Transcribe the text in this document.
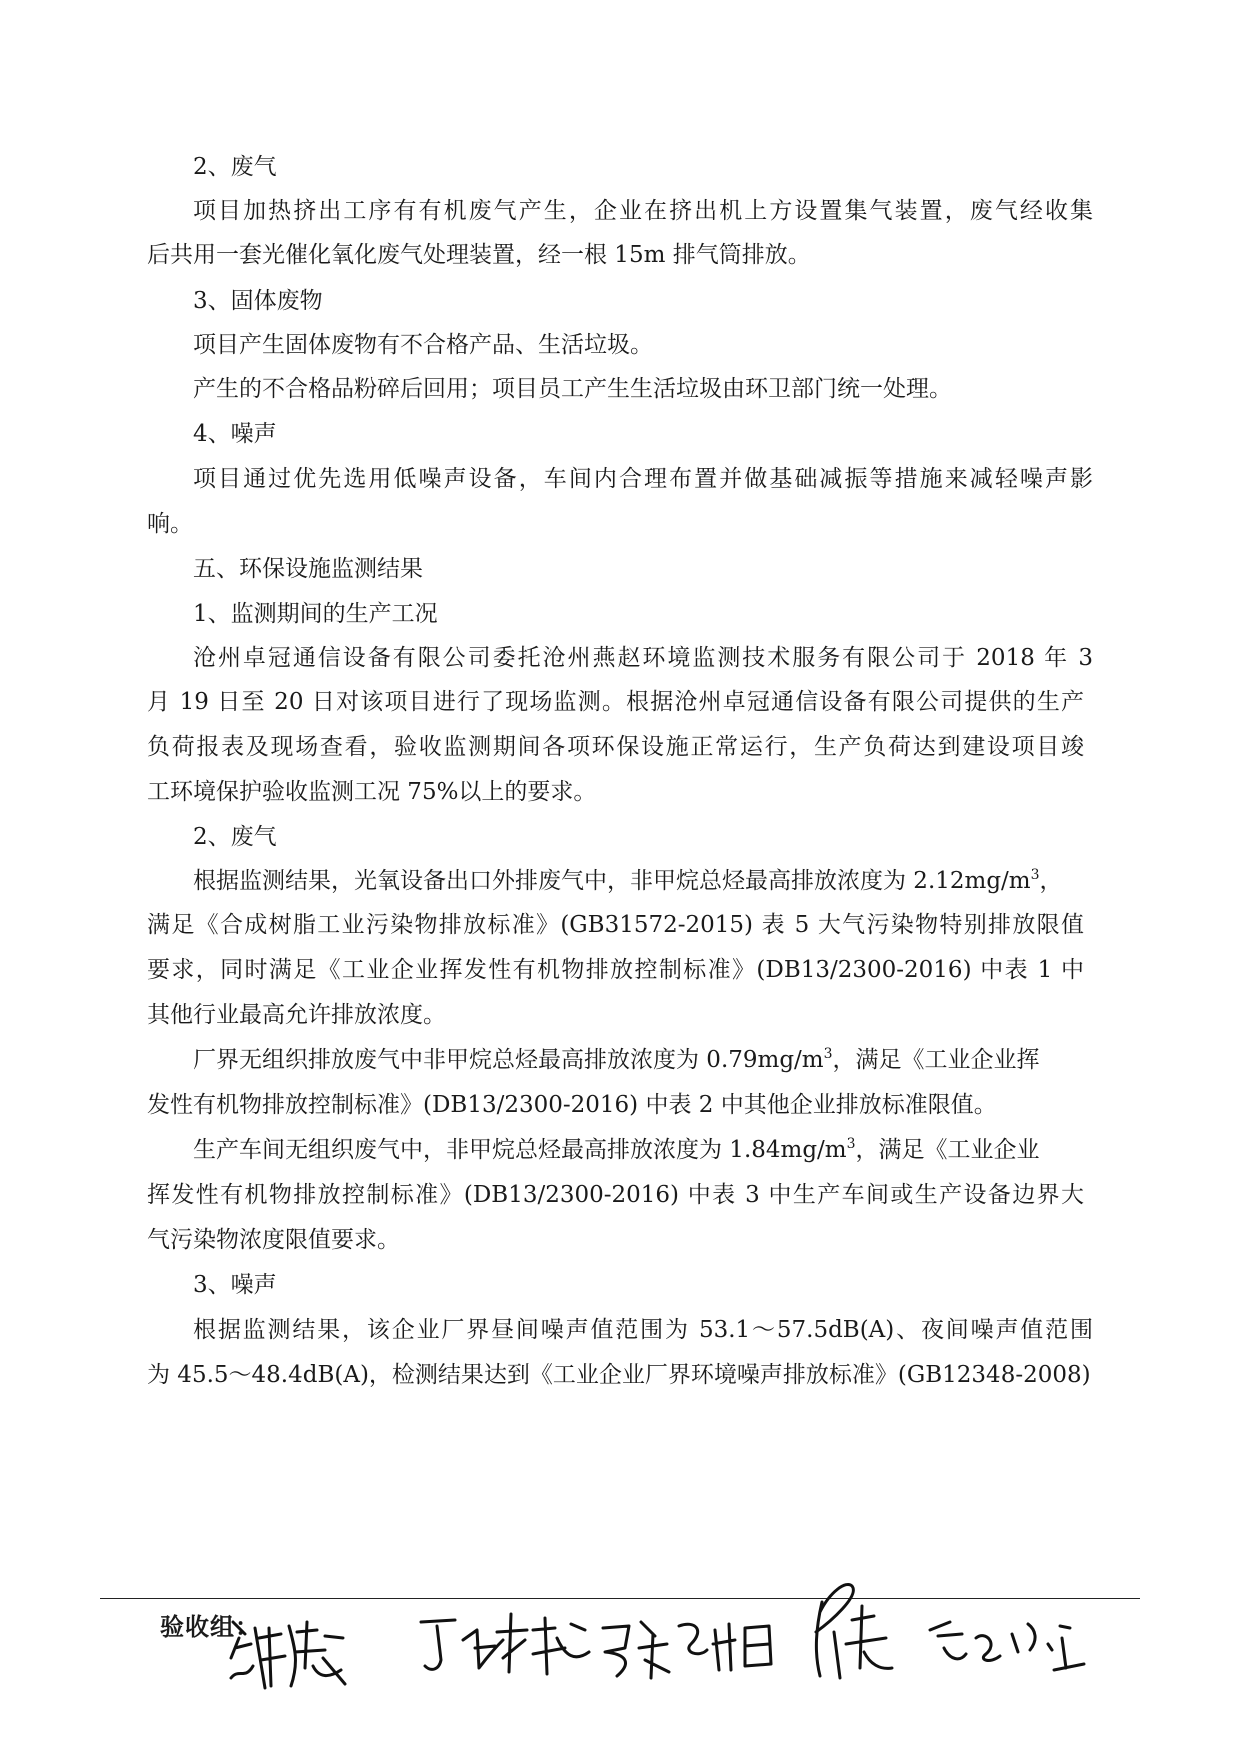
2、废气
项目加热挤出工序有有机废气产生，企业在挤出机上方设置集气装置，废气经收集
后共用一套光催化氧化废气处理装置，经一根 15m 排气筒排放。
3、固体废物
项目产生固体废物有不合格产品、生活垃圾。
产生的不合格品粉碎后回用；项目员工产生生活垃圾由环卫部门统一处理。
4、噪声
项目通过优先选用低噪声设备，车间内合理布置并做基础减振等措施来减轻噪声影
响。
五、环保设施监测结果
1、监测期间的生产工况
沧州卓冠通信设备有限公司委托沧州燕赵环境监测技术服务有限公司于 2018 年 3
月 19 日至 20 日对该项目进行了现场监测。根据沧州卓冠通信设备有限公司提供的生产
负荷报表及现场查看，验收监测期间各项环保设施正常运行，生产负荷达到建设项目竣
工环境保护验收监测工况 75%以上的要求。
2、废气
根据监测结果，光氧设备出口外排废气中，非甲烷总烃最高排放浓度为 $2.12mg/m^3$，
满足《合成树脂工业污染物排放标准》(GB31572-2015) 表 5 大气污染物特别排放限值
要求，同时满足《工业企业挥发性有机物排放控制标准》(DB13/2300-2016) 中表 1 中
其他行业最高允许排放浓度。
厂界无组织排放废气中非甲烷总烃最高排放浓度为 $0.79mg/m^3$，满足《工业企业挥
发性有机物排放控制标准》(DB13/2300-2016) 中表 2 中其他企业排放标准限值。
生产车间无组织废气中，非甲烷总烃最高排放浓度为 $1.84mg/m^3$，满足《工业企业
挥发性有机物排放控制标准》(DB13/2300-2016) 中表 3 中生产车间或生产设备边界大
气污染物浓度限值要求。
3、噪声
根据监测结果，该企业厂界昼间噪声值范围为 53.1～57.5dB(A)、夜间噪声值范围
为 45.5～48.4dB(A)，检测结果达到《工业企业厂界环境噪声排放标准》(GB12348-2008)
验收组：
